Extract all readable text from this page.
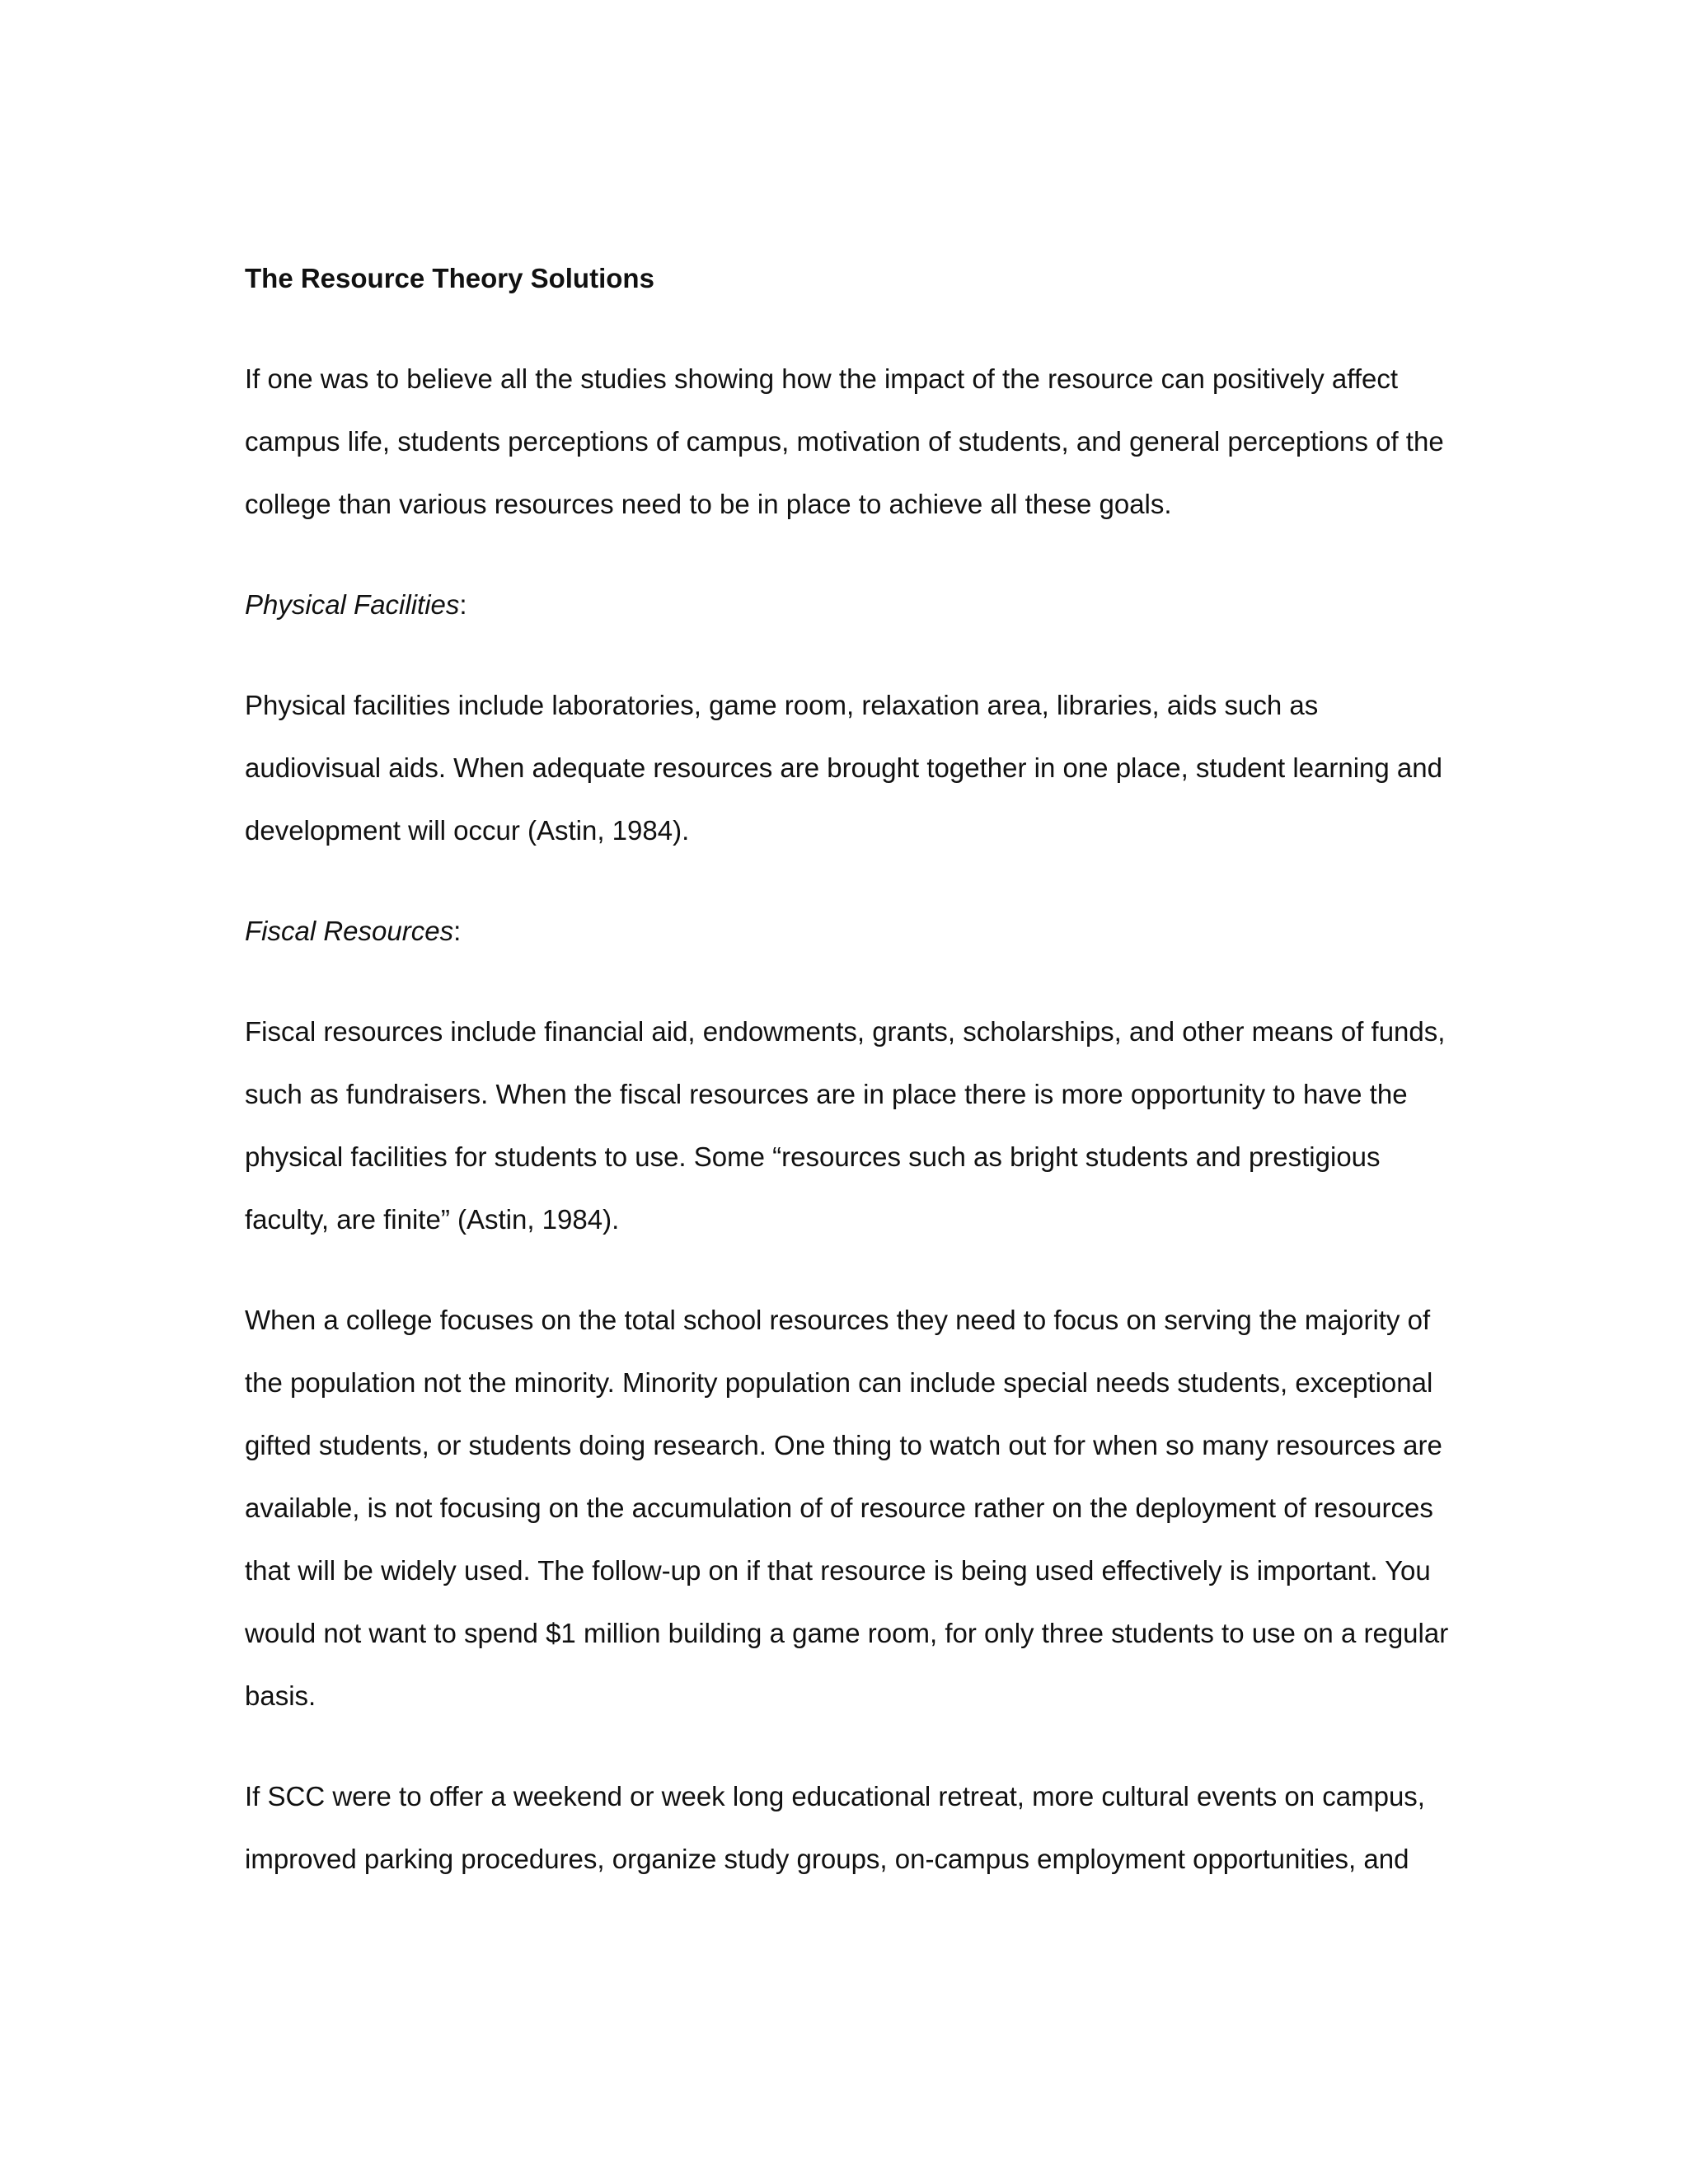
The Resource Theory Solutions
If one was to believe all the studies showing how the impact of the resource can positively affect campus life, students perceptions of campus, motivation of students, and general perceptions of the college than various resources need to be in place to achieve all these goals.
Physical Facilities:
Physical facilities include laboratories, game room, relaxation area, libraries, aids such as audiovisual aids. When adequate resources are brought together in one place, student learning and development will occur (Astin, 1984).
Fiscal Resources:
Fiscal resources include financial aid, endowments, grants, scholarships, and other means of funds, such as fundraisers. When the fiscal resources are in place there is more opportunity to have the physical facilities for students to use. Some “resources such as bright students and prestigious faculty, are finite” (Astin, 1984).
When a college focuses on the total school resources they need to focus on serving the majority of the population not the minority. Minority population can include special needs students, exceptional gifted students, or students doing research. One thing to watch out for when so many resources are available, is not focusing on the accumulation of of resource rather on the deployment of resources that will be widely used. The follow-up on if that resource is being used effectively is important. You would not want to spend $1 million building a game room, for only three students to use on a regular basis.
If SCC were to offer a weekend or week long educational retreat, more cultural events on campus, improved parking procedures, organize study groups, on-campus employment opportunities, and
